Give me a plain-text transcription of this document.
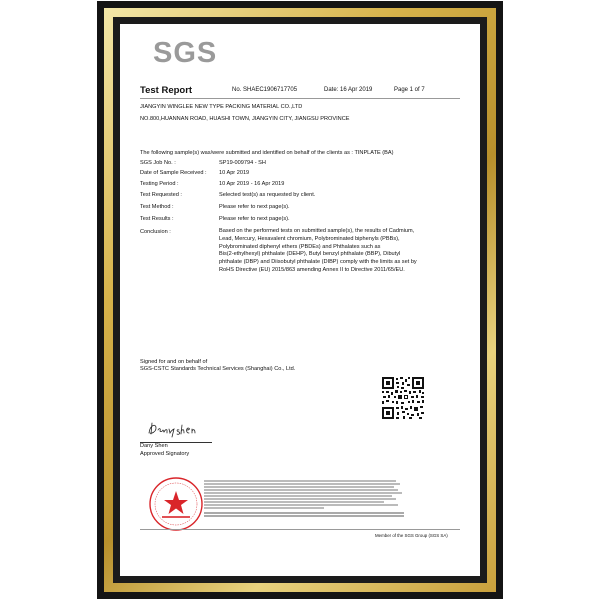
SGS
Test Report	No. SHAEC1906717705	Date: 16 Apr 2019	Page 1 of 7
JIANGYIN WINGLEE NEW TYPE PACKING MATERIAL CO.,LTD
NO.800,HUANNAN ROAD, HUASHI TOWN, JIANGYIN CITY, JIANGSU PROVINCE
The following sample(s) was/were submitted and identified on behalf of the clients as : TINPLATE (BA)
SGS Job No. :	SP19-009794 - SH
Date of Sample Received : 10 Apr 2019
Testing Period :	10 Apr 2019 - 16 Apr 2019
Test Requested :	Selected test(s) as requested by client.
Test Method :	Please refer to next page(s).
Test Results :	Please refer to next page(s).
Conclusion :	Based on the performed tests on submitted sample(s), the results of Cadmium,
Lead, Mercury, Hexavalent chromium, Polybrominated biphenyls (PBBs),
Polybrominated diphenyl ethers (PBDEs) and Phthalates such as
Bis(2-ethylhexyl) phthalate (DEHP), Butyl benzyl phthalate (BBP), Dibutyl
phthalate (DBP) and Diisobutyl phthalate (DIBP) comply with the limits as set by
RoHS Directive (EU) 2015/863 amending Annex II to Directive 2011/65/EU.
Signed for and on behalf of
SGS-CSTC Standards Technical Services (Shanghai) Co., Ltd.
Dany Shen
Approved Signatory
Member of the SGS Group (SGS SA)
